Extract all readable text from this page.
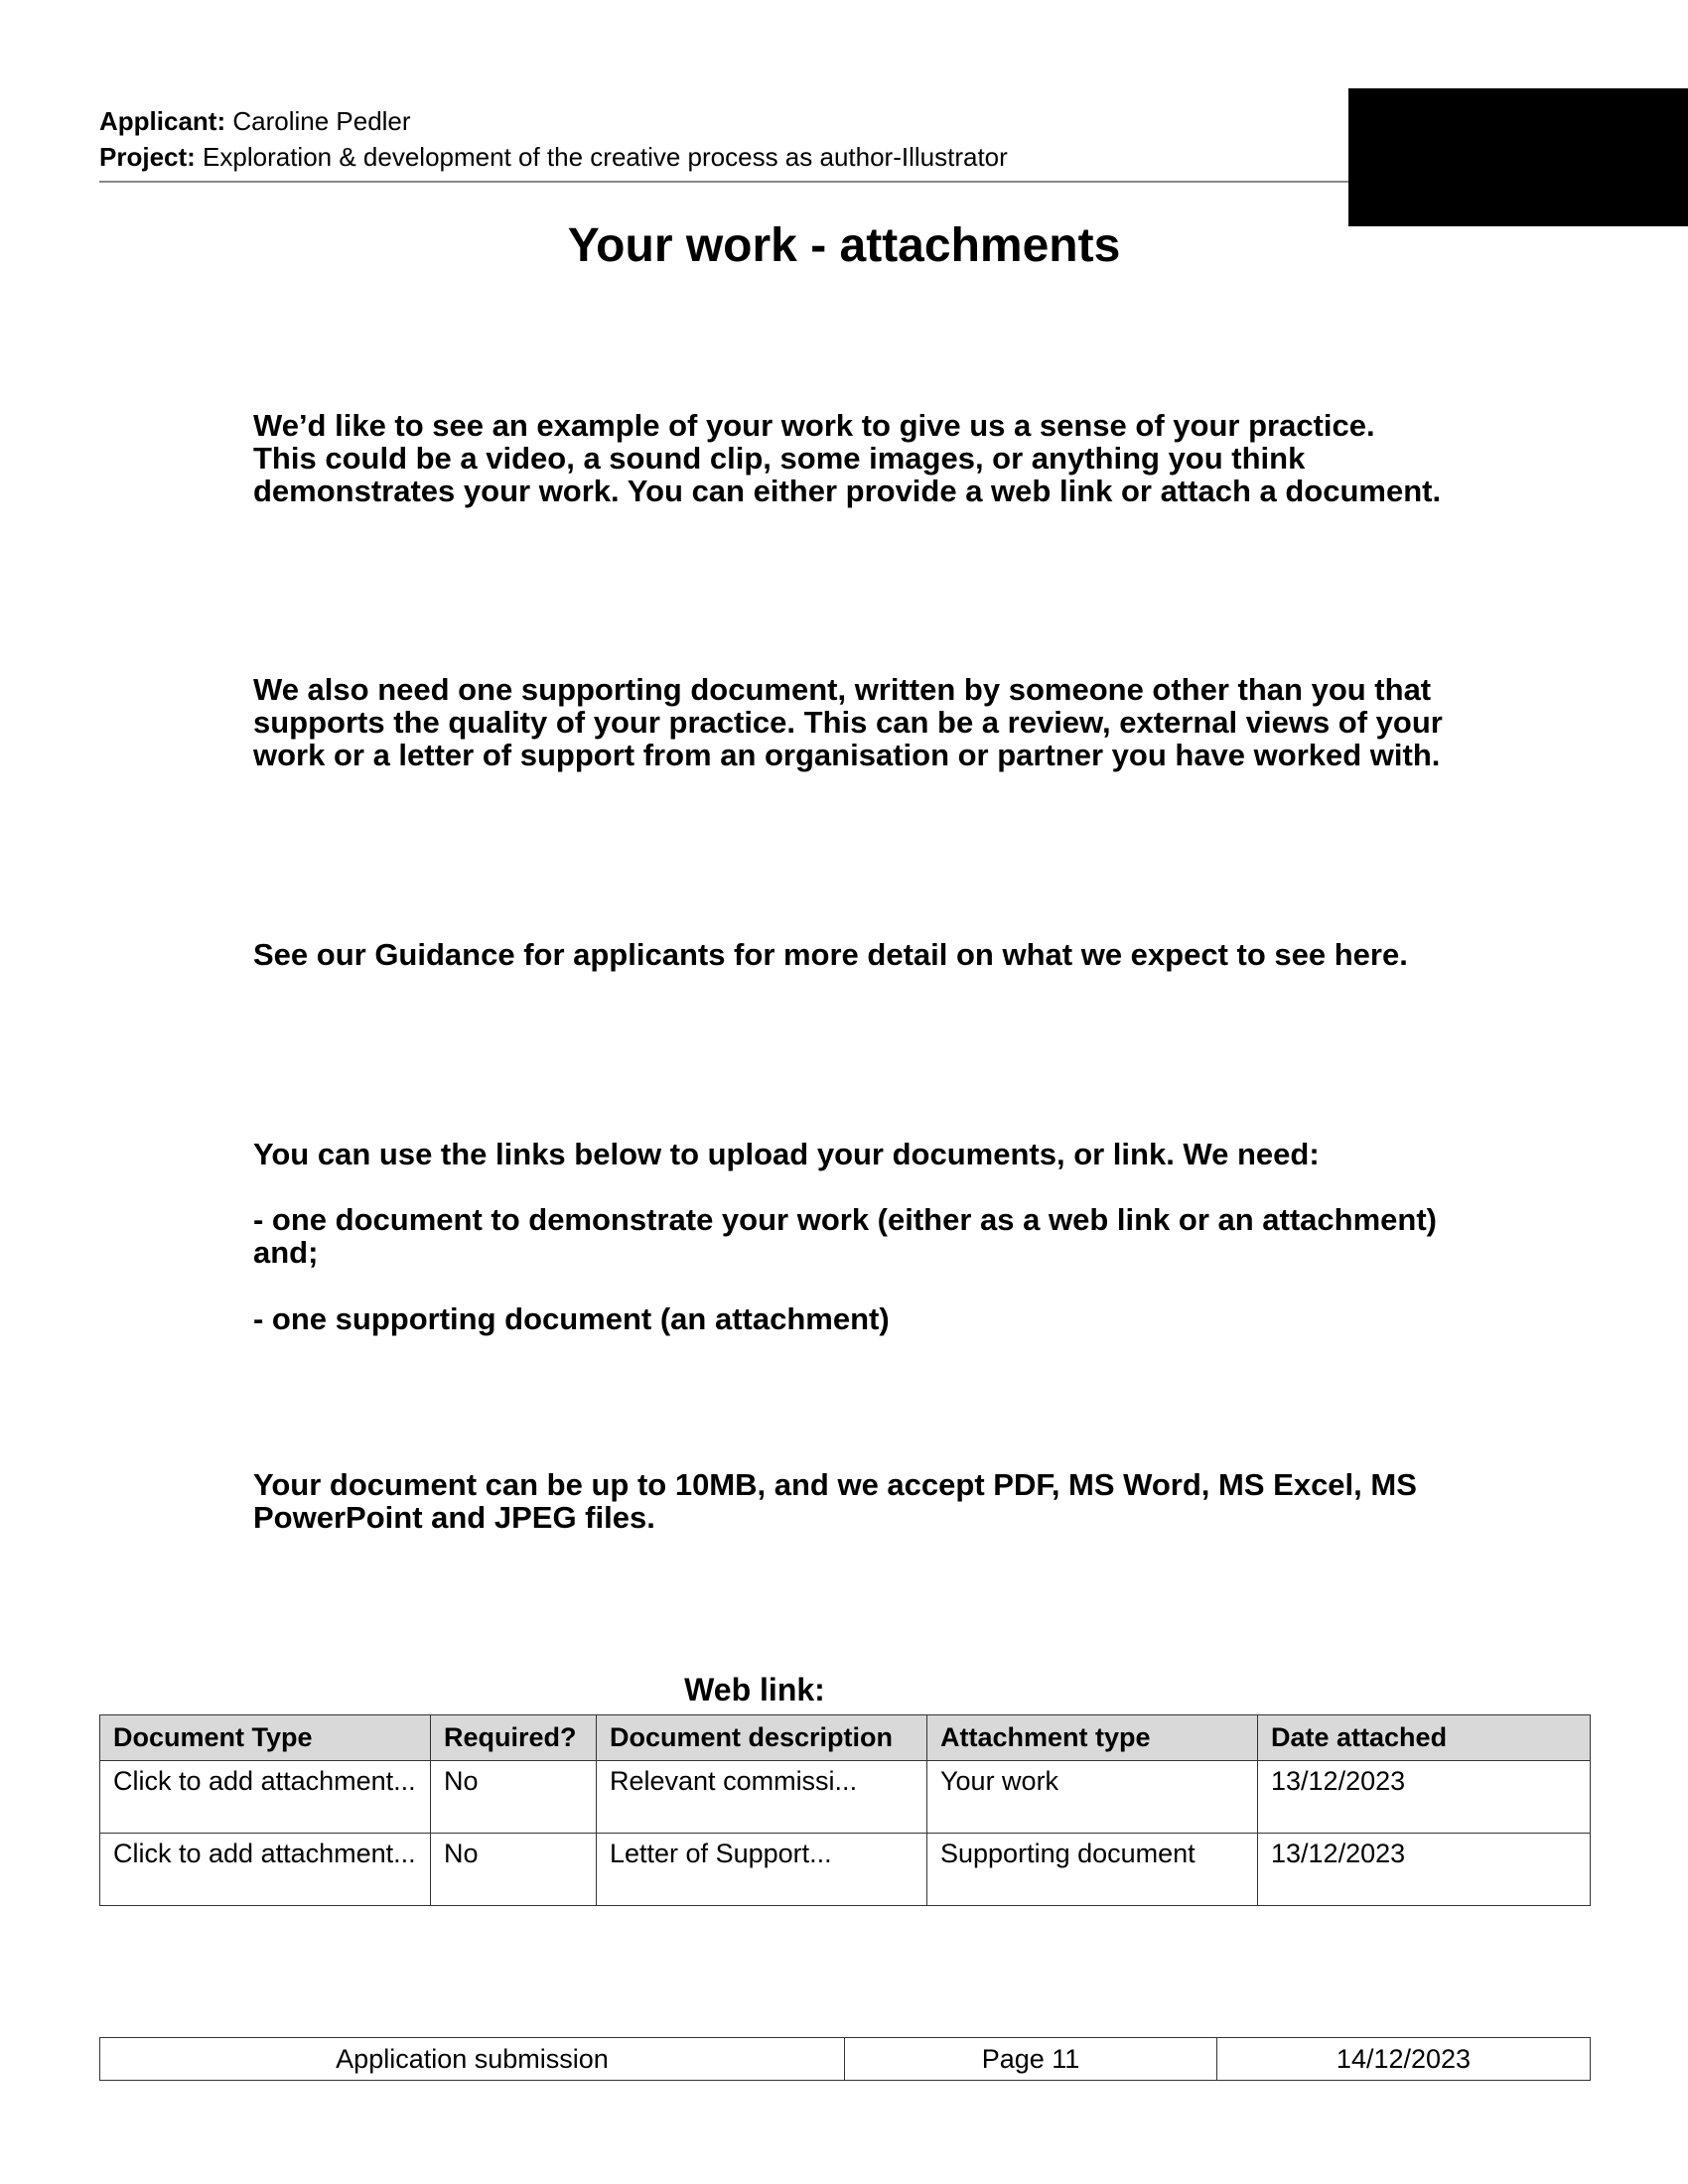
Applicant: Caroline Pedler
Project: Exploration & development of the creative process as author-Illustrator
Your work - attachments
We’d like to see an example of your work to give us a sense of your practice.
This could be a video, a sound clip, some images, or anything you think demonstrates your work. You can either provide a web link or attach a document.
We also need one supporting document, written by someone other than you that supports the quality of your practice. This can be a review, external views of your work or a letter of support from an organisation or partner you have worked with.
See our Guidance for applicants for more detail on what we expect to see here.
You can use the links below to upload your documents, or link. We need:
- one document to demonstrate your work (either as a web link or an attachment) and;
- one supporting document (an attachment)
Your document can be up to 10MB, and we accept PDF, MS Word, MS Excel, MS PowerPoint and JPEG files.
Web link:
Document Type	Required?	Document description	Attachment type	Date attached
Click to add attachment...	No	Relevant commissi...	Your work	13/12/2023
Click to add attachment...	No	Letter of Support...	Supporting document	13/12/2023
Application submission	Page 11	14/12/2023
